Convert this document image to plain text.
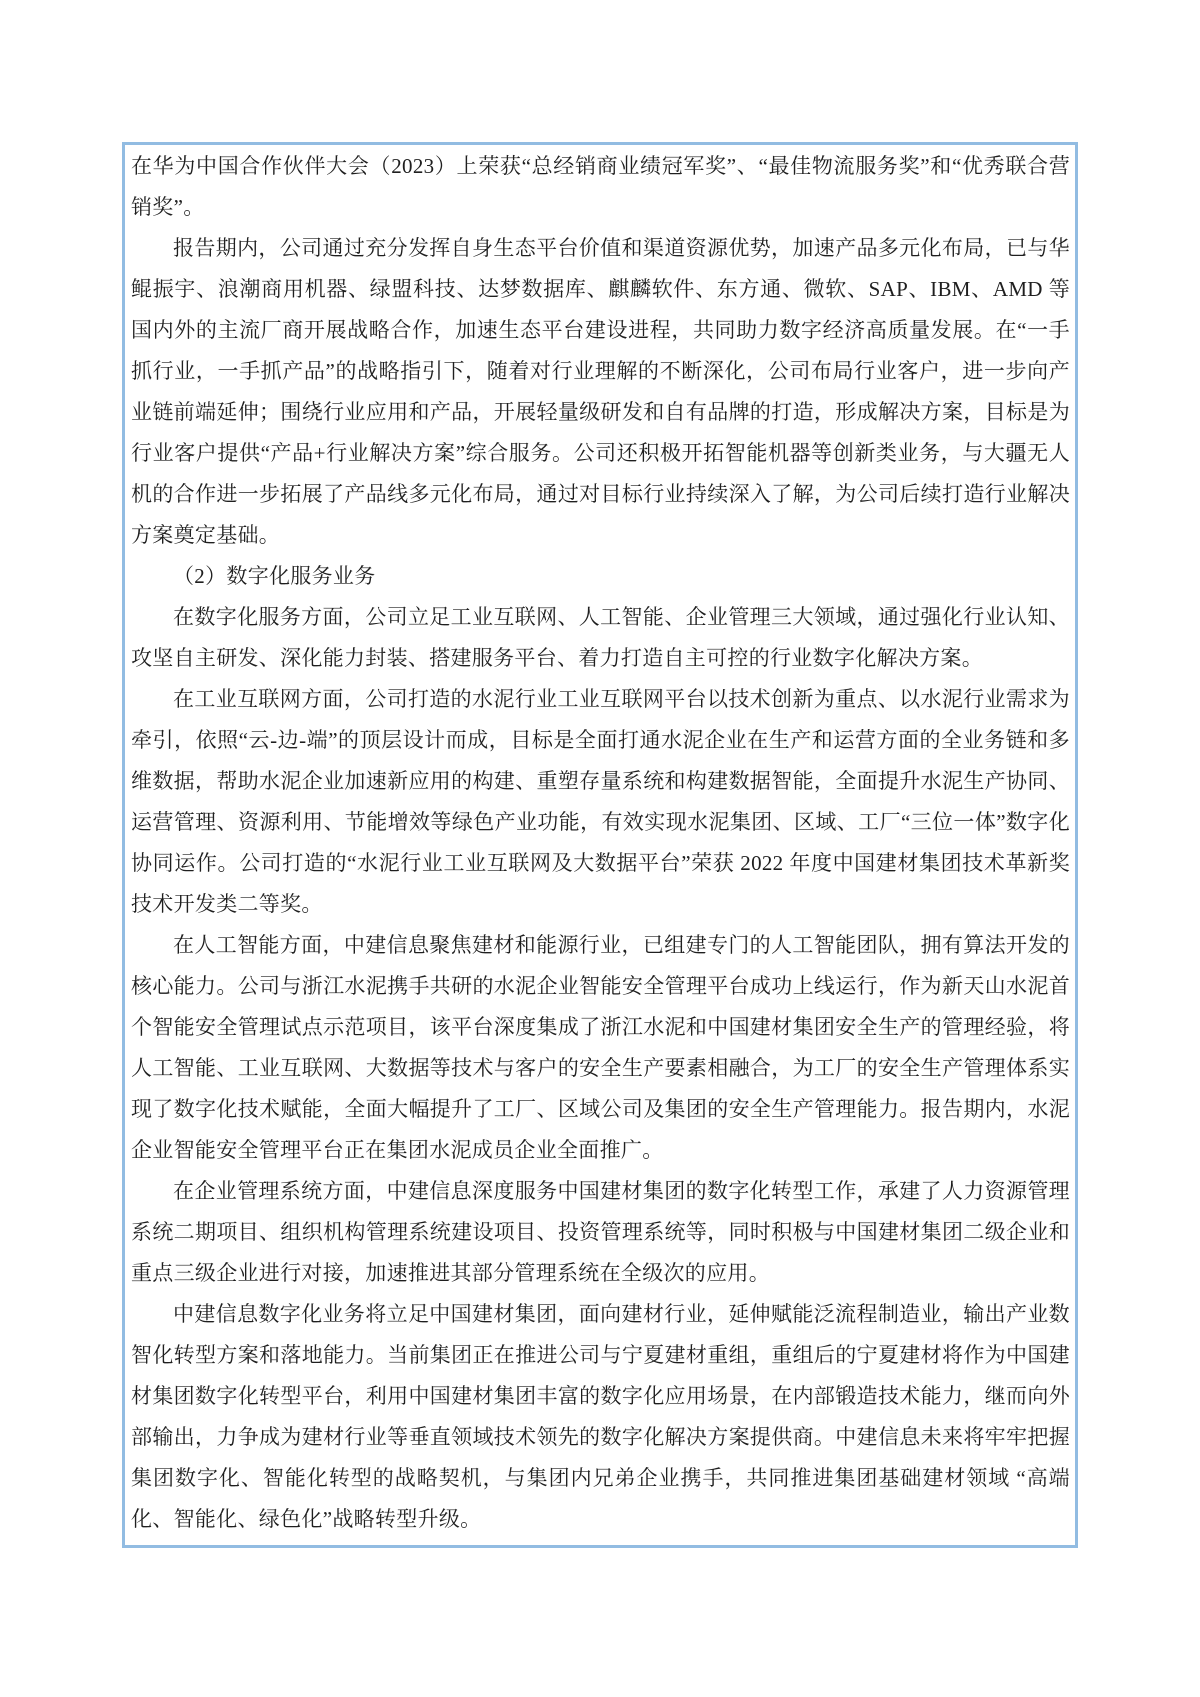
在华为中国合作伙伴大会（2023）上荣获“总经销商业绩冠军奖”、“最佳物流服务奖”和“优秀联合营销奖”。

报告期内，公司通过充分发挥自身生态平台价值和渠道资源优势，加速产品多元化布局，已与华鲲振宇、浪潮商用机器、绿盟科技、达梦数据库、麒麟软件、东方通、微软、SAP、IBM、AMD 等国内外的主流厂商开展战略合作，加速生态平台建设进程，共同助力数字经济高质量发展。在“一手抓行业，一手抓产品”的战略指引下，随着对行业理解的不断深化，公司布局行业客户，进一步向产业链前端延伸；围绕行业应用和产品，开展轻量级研发和自有品牌的打造，形成解决方案，目标是为行业客户提供“产品+行业解决方案”综合服务。公司还积极开拓智能机器等创新类业务，与大疆无人机的合作进一步拓展了产品线多元化布局，通过对目标行业持续深入了解，为公司后续打造行业解决方案奠定基础。

（2）数字化服务业务

在数字化服务方面，公司立足工业互联网、人工智能、企业管理三大领域，通过强化行业认知、攻坚自主研发、深化能力封装、搭建服务平台、着力打造自主可控的行业数字化解决方案。

在工业互联网方面，公司打造的水泥行业工业互联网平台以技术创新为重点、以水泥行业需求为牵引，依照“云-边-端”的顶层设计而成，目标是全面打通水泥企业在生产和运营方面的全业务链和多维数据，帮助水泥企业加速新应用的构建、重塑存量系统和构建数据智能，全面提升水泥生产协同、运营管理、资源利用、节能增效等绿色产业功能，有效实现水泥集团、区域、工厂“三位一体”数字化协同运作。公司打造的“水泥行业工业互联网及大数据平台”荣获 2022 年度中国建材集团技术革新奖技术开发类二等奖。

在人工智能方面，中建信息聚焦建材和能源行业，已组建专门的人工智能团队，拥有算法开发的核心能力。公司与浙江水泥携手共研的水泥企业智能安全管理平台成功上线运行，作为新天山水泥首个智能安全管理试点示范项目，该平台深度集成了浙江水泥和中国建材集团安全生产的管理经验，将人工智能、工业互联网、大数据等技术与客户的安全生产要素相融合，为工厂的安全生产管理体系实现了数字化技术赋能，全面大幅提升了工厂、区域公司及集团的安全生产管理能力。报告期内，水泥企业智能安全管理平台正在集团水泥成员企业全面推广。

在企业管理系统方面，中建信息深度服务中国建材集团的数字化转型工作，承建了人力资源管理系统二期项目、组织机构管理系统建设项目、投资管理系统等，同时积极与中国建材集团二级企业和重点三级企业进行对接，加速推进其部分管理系统在全级次的应用。

中建信息数字化业务将立足中国建材集团，面向建材行业，延伸赋能泛流程制造业，输出产业数智化转型方案和落地能力。当前集团正在推进公司与宁夏建材重组，重组后的宁夏建材将作为中国建材集团数字化转型平台，利用中国建材集团丰富的数字化应用场景，在内部锻造技术能力，继而向外部输出，力争成为建材行业等垂直领域技术领先的数字化解决方案提供商。中建信息未来将牢牢把握集团数字化、智能化转型的战略契机，与集团内兄弟企业携手，共同推进集团基础建材领域 “高端化、智能化、绿色化”战略转型升级。
